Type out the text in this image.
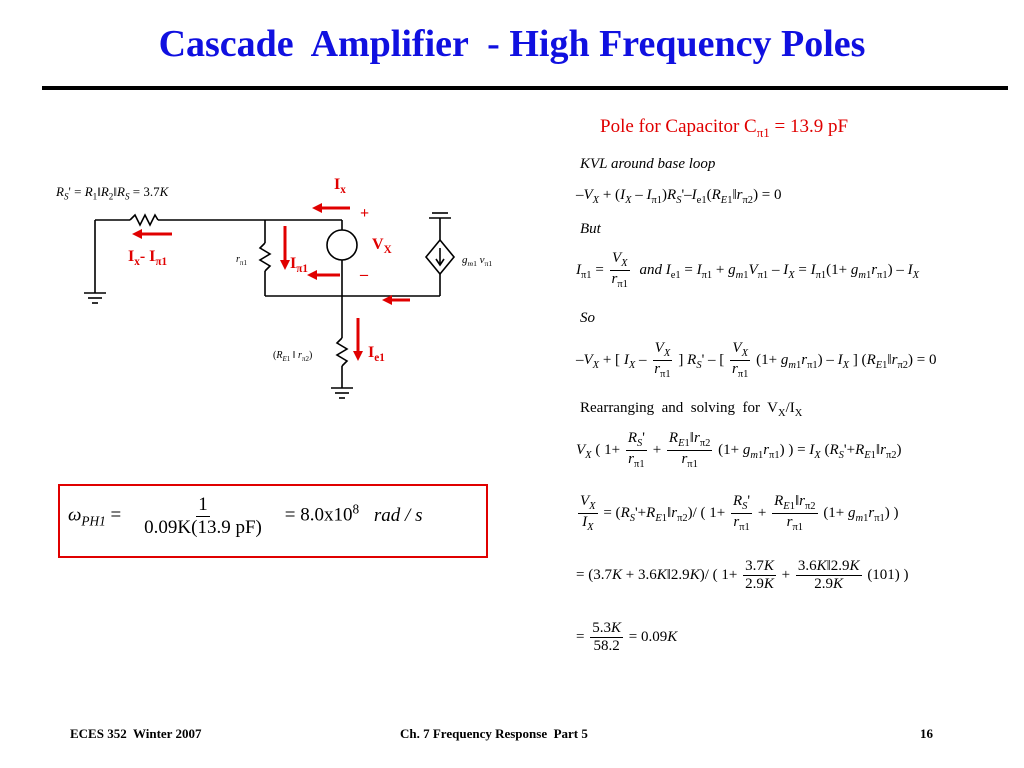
Cascade  Amplifier  - High Frequency Poles
$R_S'$ = $R_1‖R_2‖R_S = 3.7K$	$I_x$
+
$V_X$
–
$I_x-$ $I_{\pi 1}$	$I_{\pi 1}$
$I_{e1}$
$r_{\pi 1}$	$g_{m1}$ $v_{\pi 1}$
($R_{E1}$ ‖ $r_{\pi 2}$)
$\omega_{PH1} = \frac{1}{0.09K(13.9 pF)} = 8.0x10^8$ rad / s
Pole for Capacitor $C_{\pi 1} = 13.9$ pF
KVL around base loop
$-V_X + (I_X$ – $I_{\pi 1})R_S'-I_{e1}(R_{E1}‖r_{\pi 2}) = 0$
But
$I_{\pi 1} = \frac{V_X}{r_{\pi 1}}$ and $I_{e1} = I_{\pi 1} + g_{m1}V_{\pi 1} - I_X = I_{\pi 1}(1+ g_{m1}r_{\pi 1}) - I_X$
So
$-V_X$ + [ $I_X - \frac{V_X}{r_{\pi 1}}$ ] $R_S'$ – [ $\frac{V_X}{r_{\pi 1}} (1+ g_{m1}r_{\pi 1}) - I_X$ ] $(R_{E1}‖r_{\pi 2}) = 0$
Rearranging  and  solving  for  $V_X/I_X$
$V_X$ ( $1+ \frac{R_S'}{r_{\pi 1}} + \frac{R_{E1}‖r_{\pi 2}}{r_{\pi 1}} (1+ g_{m1}r_{\pi 1})$ ) = $I_X$ $(R_S'+R_{E1}‖r_{\pi 2})$
$\frac{V_X}{I_X}$ = $(R_S'+R_{E1}‖r_{\pi 2})/$ ( $1+ \frac{R_S'}{r_{\pi 1}} + \frac{R_{E1}‖r_{\pi 2}}{r_{\pi 1}} (1+ g_{m1}r_{\pi 1})$ )
= (3.7K + 3.6K‖2.9K)/ ( $1+ \frac{3.7K}{2.9K} + \frac{3.6K‖2.9K}{2.9K} (101)$ )
= $\frac{5.3K}{58.2} = 0.09K$
ECES 352  Winter 2007	Ch. 7 Frequency Response  Part 5	16
